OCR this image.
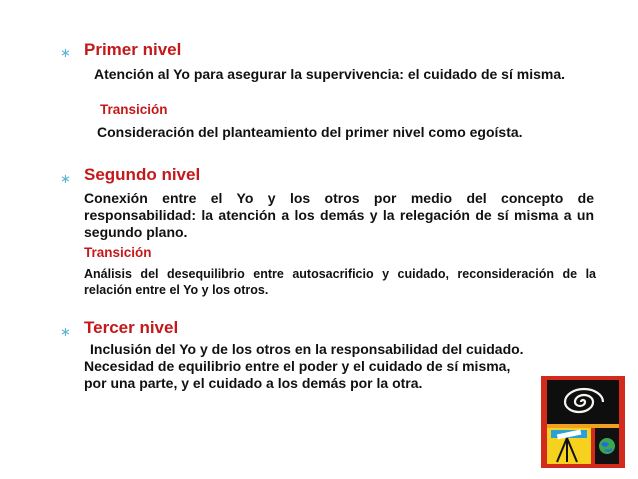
∗ Primer nivel
Atención al Yo para asegurar la supervivencia: el cuidado de sí misma.
Transición
Consideración del planteamiento del primer nivel como egoísta.
∗ Segundo nivel
Conexión entre el Yo y los otros por medio del concepto de responsabilidad: la atención a los demás y la relegación de sí misma a un segundo plano.
Transición
Análisis del desequilibrio entre autosacrificio y cuidado, reconsideración de la relación entre el Yo y los otros.
∗ Tercer nivel
Inclusión del Yo y de los otros en la responsabilidad del cuidado.
Necesidad de equilibrio entre el poder y el cuidado de sí misma,
por una parte, y el cuidado a los demás por la otra.
